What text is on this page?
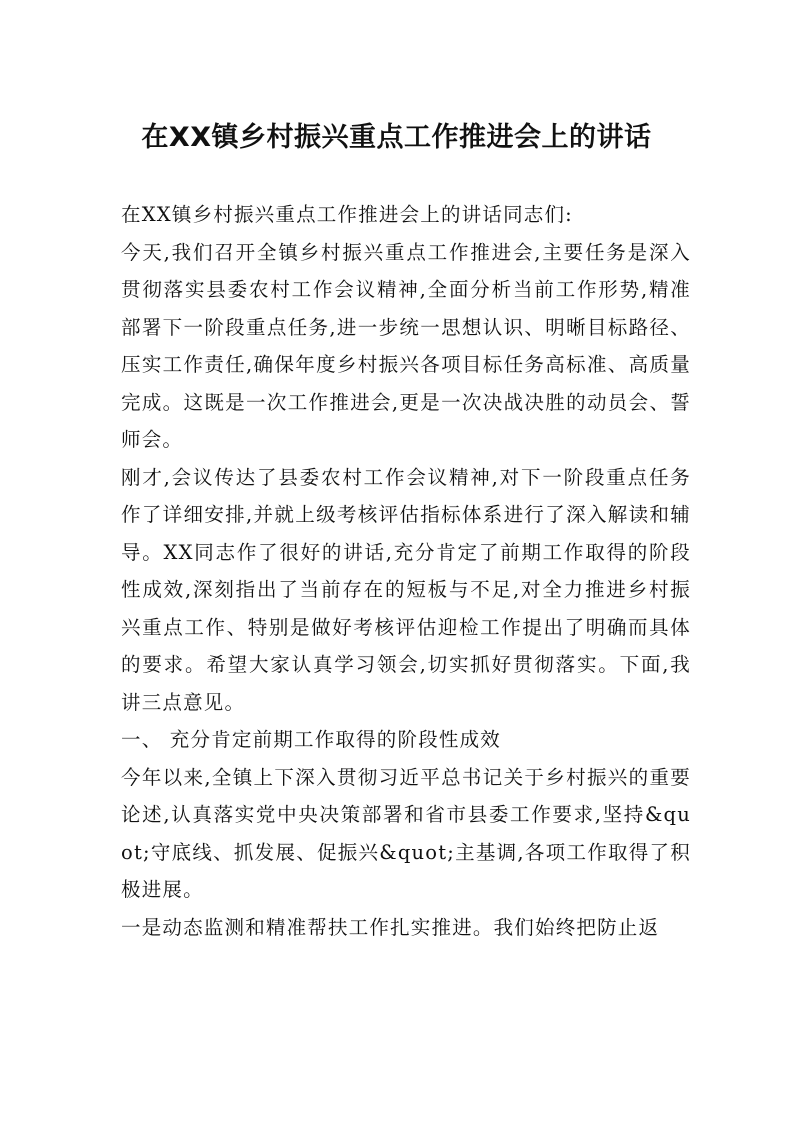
在XX镇乡村振兴重点工作推进会上的讲话

在XX镇乡村振兴重点工作推进会上的讲话同志们:

今天,我们召开全镇乡村振兴重点工作推进会,主要任务是深入贯彻落实县委农村工作会议精神,全面分析当前工作形势,精准部署下一阶段重点任务,进一步统一思想认识、明晰目标路径、压实工作责任,确保年度乡村振兴各项目标任务高标准、高质量完成。这既是一次工作推进会,更是一次决战决胜的动员会、誓师会。

刚才,会议传达了县委农村工作会议精神,对下一阶段重点任务作了详细安排,并就上级考核评估指标体系进行了深入解读和辅导。XX同志作了很好的讲话,充分肯定了前期工作取得的阶段性成效,深刻指出了当前存在的短板与不足,对全力推进乡村振兴重点工作、特别是做好考核评估迎检工作提出了明确而具体的要求。希望大家认真学习领会,切实抓好贯彻落实。下面,我讲三点意见。

一、 充分肯定前期工作取得的阶段性成效

今年以来,全镇上下深入贯彻习近平总书记关于乡村振兴的重要论述,认真落实党中央决策部署和省市县委工作要求,坚持&quot;守底线、抓发展、促振兴&quot;主基调,各项工作取得了积极进展。

一是动态监测和精准帮扶工作扎实推进。我们始终把防止返
